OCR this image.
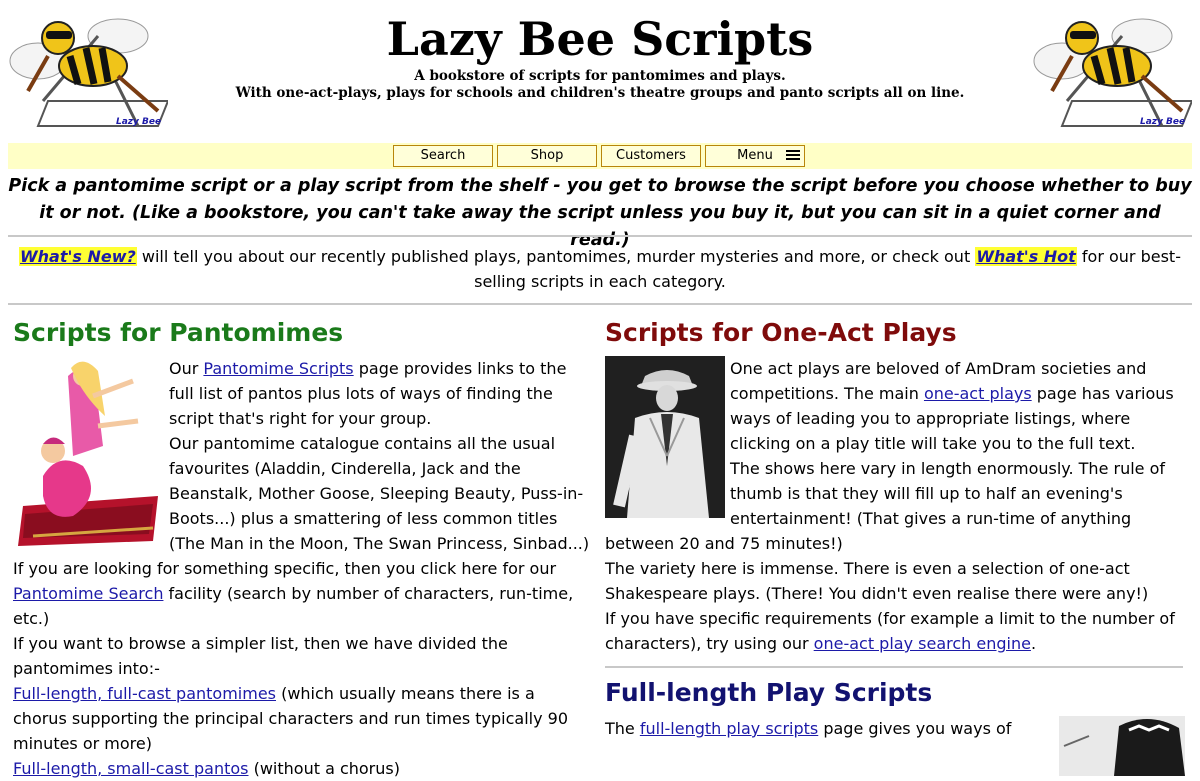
Lazy Bee	Lazy Bee
Lazy Bee Scripts
A bookstore of scripts for pantomimes and plays.
With one-act-plays, plays for schools and children's theatre groups and panto scripts all on line.
Search	Shop	Customers	Menu
Pick a pantomime script or a play script from the shelf - you get to browse the script before you choose whether to buy it or not. (Like a bookstore, you can't take away the script unless you buy it, but you can sit in a quiet corner and read.)
What's New? will tell you about our recently published plays, pantomimes, murder mysteries and more, or check out What's Hot for our best-selling scripts in each category.
Scripts for Pantomimes

Our Pantomime Scripts page provides links to the full list of pantos plus lots of ways of finding the script that's right for your group.

Our pantomime catalogue contains all the usual favourites (Aladdin, Cinderella, Jack and the Beanstalk, Mother Goose, Sleeping Beauty, Puss-in-Boots...) plus a smattering of less common titles (The Man in the Moon, The Swan Princess, Sinbad...)

If you are looking for something specific, then you click here for our Pantomime Search facility (search by number of characters, run-time, etc.)

If you want to browse a simpler list, then we have divided the pantomimes into:-

Full-length, full-cast pantomimes (which usually means there is a chorus supporting the principal characters and run times typically 90 minutes or more)

Full-length, small-cast pantos (without a chorus)

Scripts for One-Act Plays

One act plays are beloved of AmDram societies and competitions. The main one-act plays page has various ways of leading you to appropriate listings, where clicking on a play title will take you to the full text.

The shows here vary in length enormously. The rule of thumb is that they will fill up to half an evening's entertainment! (That gives a run-time of anything between 20 and 75 minutes!)

The variety here is immense. There is even a selection of one-act Shakespeare plays. (There! You didn't even realise there were any!)

If you have specific requirements (for example a limit to the number of characters), try using our one-act play search engine.

Full-length Play Scripts

The full-length play scripts page gives you ways of
